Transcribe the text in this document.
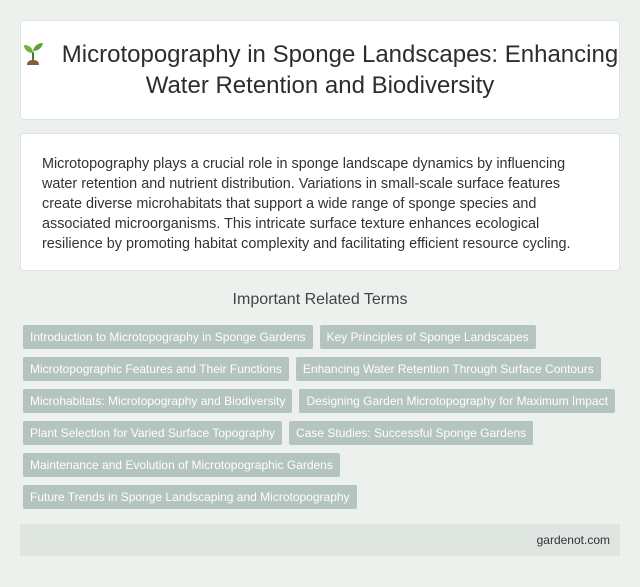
Microtopography in Sponge Landscapes: Enhancing Water Retention and Biodiversity

Microtopography plays a crucial role in sponge landscape dynamics by influencing water retention and nutrient distribution. Variations in small-scale surface features create diverse microhabitats that support a wide range of sponge species and associated microorganisms. This intricate surface texture enhances ecological resilience by promoting habitat complexity and facilitating efficient resource cycling.

Important Related Terms
Introduction to Microtopography in Sponge Gardens	Key Principles of Sponge Landscapes
Microtopographic Features and Their Functions	Enhancing Water Retention Through Surface Contours
Microhabitats: Microtopography and Biodiversity	Designing Garden Microtopography for Maximum Impact
Plant Selection for Varied Surface Topography	Case Studies: Successful Sponge Gardens
Maintenance and Evolution of Microtopographic Gardens
Future Trends in Sponge Landscaping and Microtopography
gardenot.com
